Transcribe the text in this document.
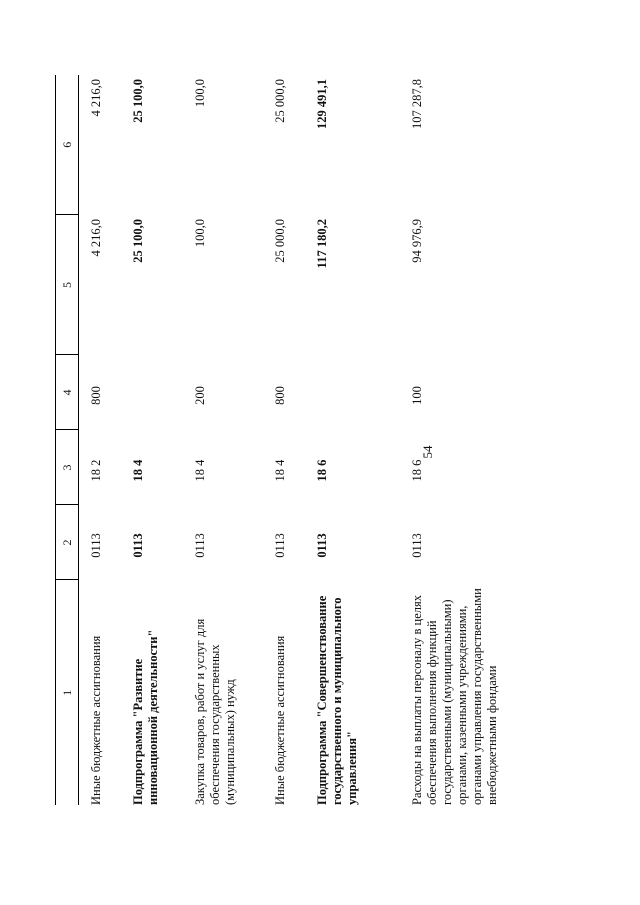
54
1	2	3	4	5	6
Иные бюджетные ассигнования	0113	18 2	800	4 216,0	4 216,0
Подпрограмма "Развитие инновационной деятельности"	0113	18 4		25 100,0	25 100,0
Закупка товаров, работ и услуг для обеспечения государственных (муниципальных) нужд	0113	18 4	200	100,0	100,0
Иные бюджетные ассигнования	0113	18 4	800	25 000,0	25 000,0
Подпрограмма "Совершенствование государственного и муниципального управления"	0113	18 6		117 180,2	129 491,1
Расходы на выплаты персоналу в целях обеспечения выполнения функций государственными (муниципальными) органами, казенными учреждениями, органами управления государственными внебюджетными фондами	0113	18 6	100	94 976,9	107 287,8
